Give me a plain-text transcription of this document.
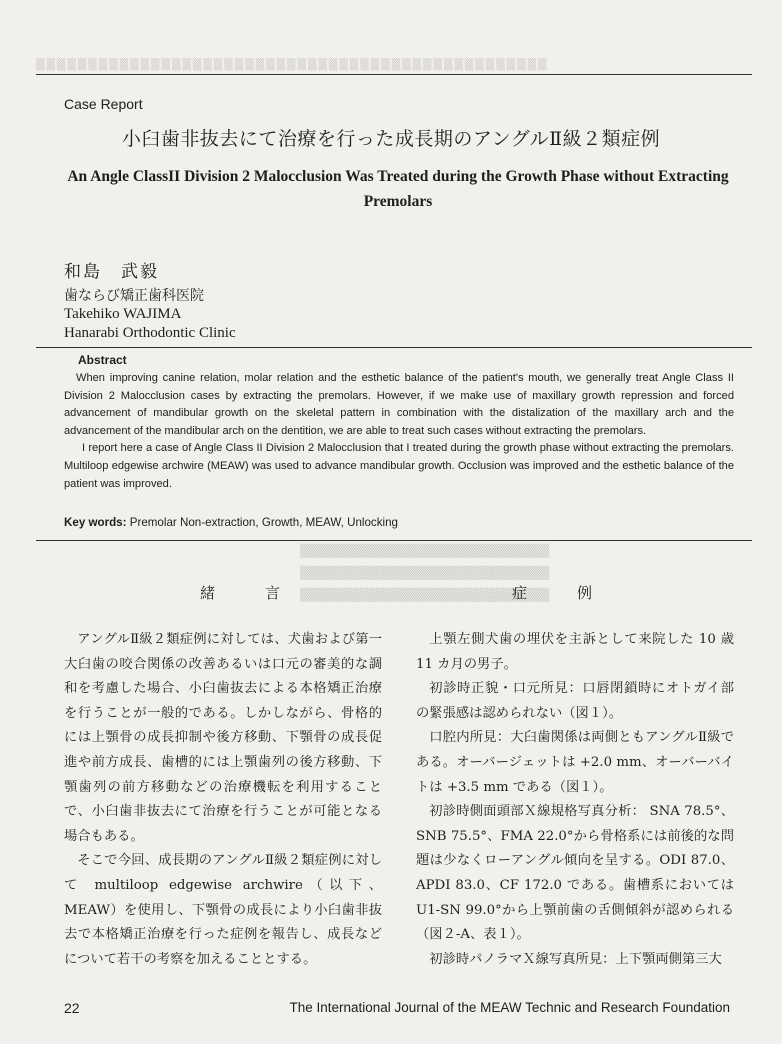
▒▒▒▒▒▒▒▒▒▒▒▒▒▒▒▒▒▒▒▒▒▒▒▒▒▒▒▒▒▒▒▒▒▒▒▒▒▒▒▒▒▒▒▒▒▒▒▒▒
▒▒▒▒▒▒▒▒▒▒▒▒▒▒▒▒▒▒▒▒▒▒▒▒▒▒▒
▒▒▒▒▒▒▒▒▒▒▒▒▒▒▒▒▒▒▒▒▒▒▒▒▒▒▒
▒▒▒▒▒▒▒▒▒▒▒▒▒▒▒▒▒▒▒▒▒▒▒▒▒▒▒
Case Report
小臼歯非抜去にて治療を行った成長期のアングルⅡ級２類症例
An Angle ClassII Division 2 Malocclusion Was Treated during the Growth Phase without Extracting Premolars
和島　武毅
歯ならび矯正歯科医院
Takehiko WAJIMA
Hanarabi Orthodontic Clinic
Abstract

When improving canine relation, molar relation and the esthetic balance of the patient's mouth, we generally treat Angle Class II Division 2 Malocclusion cases by extracting the premolars. However, if we make use of maxillary growth repression and forced advancement of mandibular growth on the skeletal pattern in combination with the distalization of the maxillary arch and the advancement of the mandibular arch on the dentition, we are able to treat such cases without extracting the premolars.

I report here a case of Angle Class II Division 2 Malocclusion that I treated during the growth phase without extracting the premolars. Multiloop edgewise archwire (MEAW) was used to advance mandibular growth. Occlusion was improved and the esthetic balance of the patient was improved.

Key words: Premolar Non-extraction, Growth, MEAW, Unlocking
緒言

アングルⅡ級２類症例に対しては、犬歯および第一大臼歯の咬合関係の改善あるいは口元の審美的な調和を考慮した場合、小臼歯抜去による本格矯正治療を行うことが一般的である。しかしながら、骨格的には上顎骨の成長抑制や後方移動、下顎骨の成長促進や前方成長、歯槽的には上顎歯列の後方移動、下顎歯列の前方移動などの治療機転を利用することで、小臼歯非抜去にて治療を行うことが可能となる場合もある。

そこで今回、成長期のアングルⅡ級２類症例に対して multiloop edgewise archwire（以下、MEAW）を使用し、下顎骨の成長により小臼歯非抜去で本格矯正治療を行った症例を報告し、成長などについて若干の考察を加えることとする。

症例

上顎左側犬歯の埋伏を主訴として来院した 10 歳 11 カ月の男子。

初診時正貌・口元所見：口唇閉鎖時にオトガイ部の緊張感は認められない（図１）。

口腔内所見：大臼歯関係は両側ともアングルⅡ級である。オーバージェットは +2.0 mm、オーバーバイトは +3.5 mm である（図１）。

初診時側面頭部Ｘ線規格写真分析： SNA 78.5°、SNB 75.5°、FMA 22.0°から骨格系には前後的な問題は少なくローアングル傾向を呈する。ODI 87.0、APDI 83.0、CF 172.0 である。歯槽系においては U1-SN 99.0°から上顎前歯の舌側傾斜が認められる（図２-A、表１）。

初診時パノラマＸ線写真所見：上下顎両側第三大

22	The International Journal of the MEAW Technic and Research Foundation
